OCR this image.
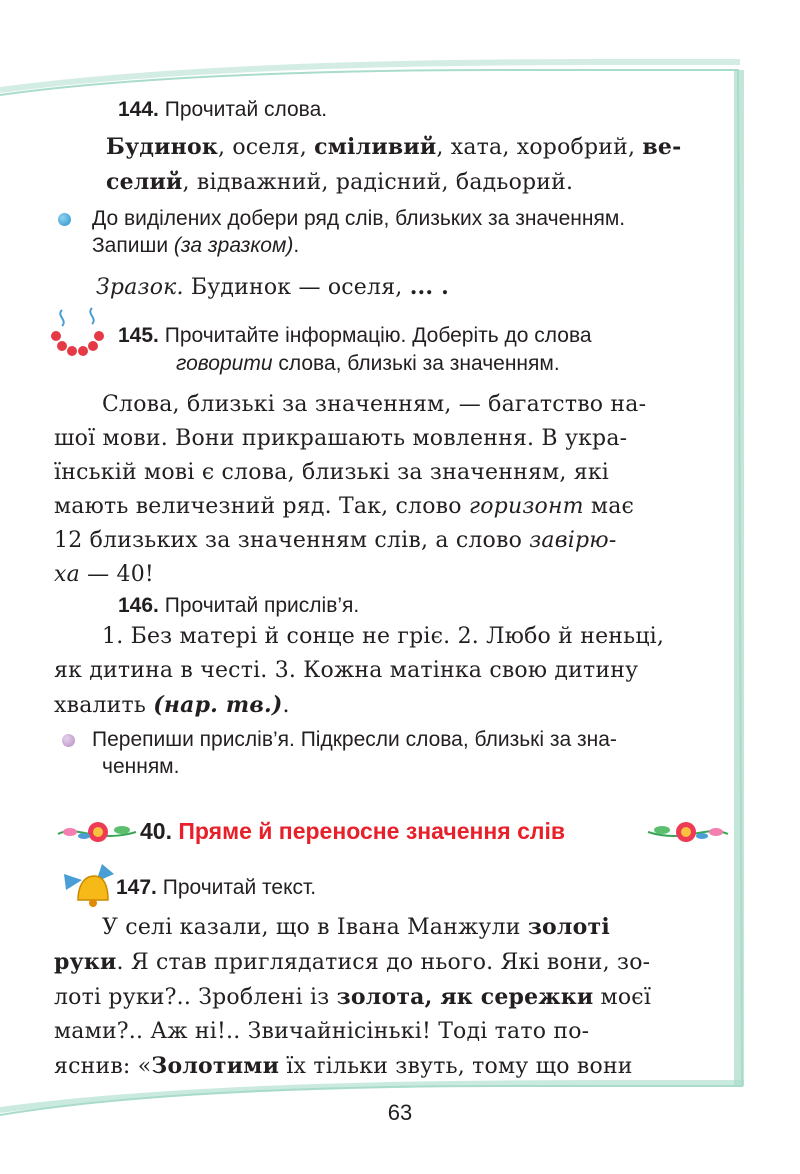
144. Прочитай слова.
Будинок, оселя, сміливий, хата, хоробрий, ве-
селий, відважний, радісний, бадьорий.
До виділених добери ряд слів, близьких за значенням.
Запиши (за зразком).
Зразок. Будинок — оселя, ... .
145. Прочитайте інформацію. Доберіть до слова
говорити слова, близькі за значенням.
Слова, близькі за значенням, — багатство на-
шої мови. Вони прикрашають мовлення. В укра-
їнській мові є слова, близькі за значенням, які
мають величезний ряд. Так, слово горизонт має
12 близьких за значенням слів, а слово завірю-
ха — 40!
146. Прочитай прислів’я.
1. Без матері й сонце не гріє. 2. Любо й неньці,
як дитина в честі. 3. Кожна матінка свою дитину
хвалить (нар. тв.).
Перепиши прислів’я. Підкресли слова, близькі за зна-
ченням.
40. Пряме й переносне значення слів
147. Прочитай текст.
У селі казали, що в Івана Манжули золоті
руки. Я став приглядатися до нього. Які вони, зо-
лоті руки?.. Зроблені із золота, як сережки моєї
мами?.. Аж ні!.. Звичайнісінькі! Тоді тато по-
яснив: «Золотими їх тільки звуть, тому що вони
63
